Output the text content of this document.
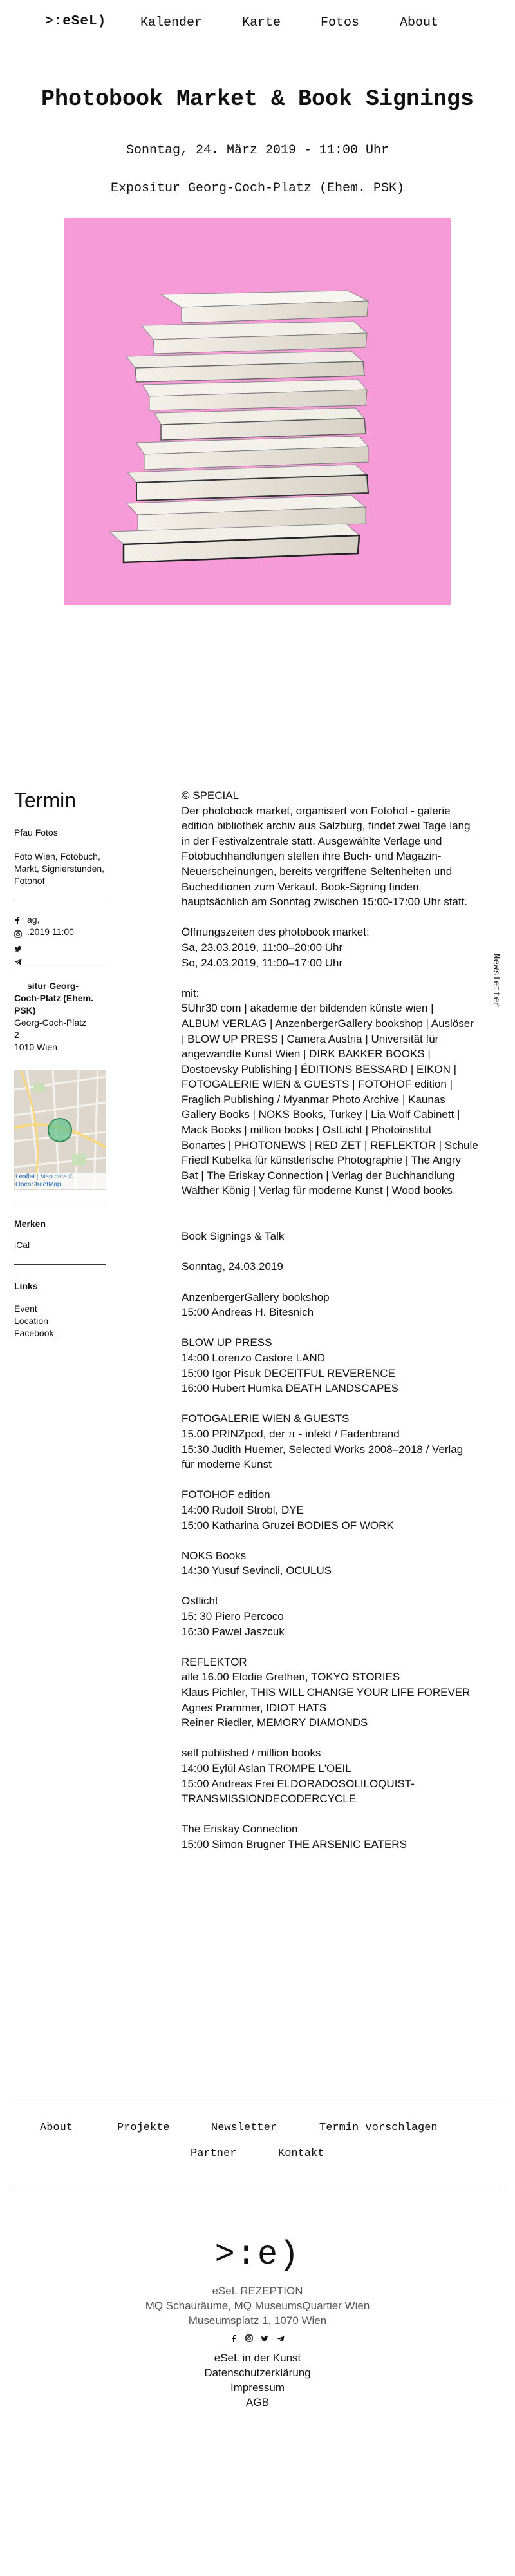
>:eSeL)	Kalender	Karte	Fotos	About
Photobook Market & Book Signings
Sonntag, 24. März 2019 - 11:00 Uhr
Expositur Georg-Coch-Platz (Ehem. PSK)
Termin
Pfau Fotos
Foto Wien, Fotobuch, Markt, Signierstunden, Fotohof
ag,
.2019 11:00
situr Georg-
Coch-Platz (Ehem. PSK)
Georg-Coch-Platz
2
1010 Wien
Leaflet | Map data © OpenStreetMap
Merken
iCal
Links
Event
Location
Facebook

© SPECIAL

Der photobook market, organisiert von Fotohof - galerie

edition bibliothek archiv aus Salzburg, findet zwei Tage lang

in der Festivalzentrale statt. Ausgewählte Verlage und

Fotobuchhandlungen stellen ihre Buch- und Magazin-

Neuerscheinungen, bereits vergriffene Seltenheiten und

Bucheditionen zum Verkauf. Book-Signing finden

hauptsächlich am Sonntag zwischen 15:00-17:00 Uhr statt.

Öffnungszeiten des photobook market:

Sa, 23.03.2019, 11:00–20:00 Uhr

So, 24.03.2019, 11:00–17:00 Uhr

mit:

5Uhr30 com | akademie der bildenden künste wien |

ALBUM VERLAG | AnzenbergerGallery bookshop | Auslöser

| BLOW UP PRESS | Camera Austria | Universität für

angewandte Kunst Wien | DIRK BAKKER BOOKS |

Dostoevsky Publishing | ÉDITIONS BESSARD | EIKON |

FOTOGALERIE WIEN & GUESTS | FOTOHOF edition |

Fraglich Publishing / Myanmar Photo Archive | Kaunas

Gallery Books | NOKS Books, Turkey | Lia Wolf Cabinett |

Mack Books | million books | OstLicht | Photoinstitut

Bonartes | PHOTONEWS | RED ZET | REFLEKTOR | Schule

Friedl Kubelka für künstlerische Photographie | The Angry

Bat | The Eriskay Connection | Verlag der Buchhandlung

Walther König | Verlag für moderne Kunst | Wood books

Book Signings & Talk

Sonntag, 24.03.2019

AnzenbergerGallery bookshop

15:00 Andreas H. Bitesnich

BLOW UP PRESS

14:00 Lorenzo Castore LAND

15:00 Igor Pisuk DECEITFUL REVERENCE

16:00 Hubert Humka DEATH LANDSCAPES

FOTOGALERIE WIEN & GUESTS

15.00 PRINZpod, der π - infekt / Fadenbrand

15:30 Judith Huemer, Selected Works 2008–2018 / Verlag

für moderne Kunst

FOTOHOF edition

14:00 Rudolf Strobl, DYE

15:00 Katharina Gruzei BODIES OF WORK

NOKS Books

14:30 Yusuf Sevincli, OCULUS

Ostlicht

15: 30 Piero Percoco

16:30 Pawel Jaszcuk

REFLEKTOR

alle 16.00 Elodie Grethen, TOKYO STORIES

Klaus Pichler, THIS WILL CHANGE YOUR LIFE FOREVER

Agnes Prammer, IDIOT HATS

Reiner Riedler, MEMORY DIAMONDS

self published / million books

14:00 Eylül Aslan TROMPE L'OEIL

15:00 Andreas Frei ELDORADOSOLILOQUIST-

TRANSMISSIONDECODERCYCLE

The Eriskay Connection

15:00 Simon Brugner THE ARSENIC EATERS

Newsletter
About	Projekte	Newsletter	Termin vorschlagen
Partner	Kontakt
>:e)
eSeL REZEPTION
MQ Schauräume, MQ MuseumsQuartier Wien
Museumsplatz 1, 1070 Wien
eSeL in der Kunst
Datenschutzerklärung
Impressum
AGB
